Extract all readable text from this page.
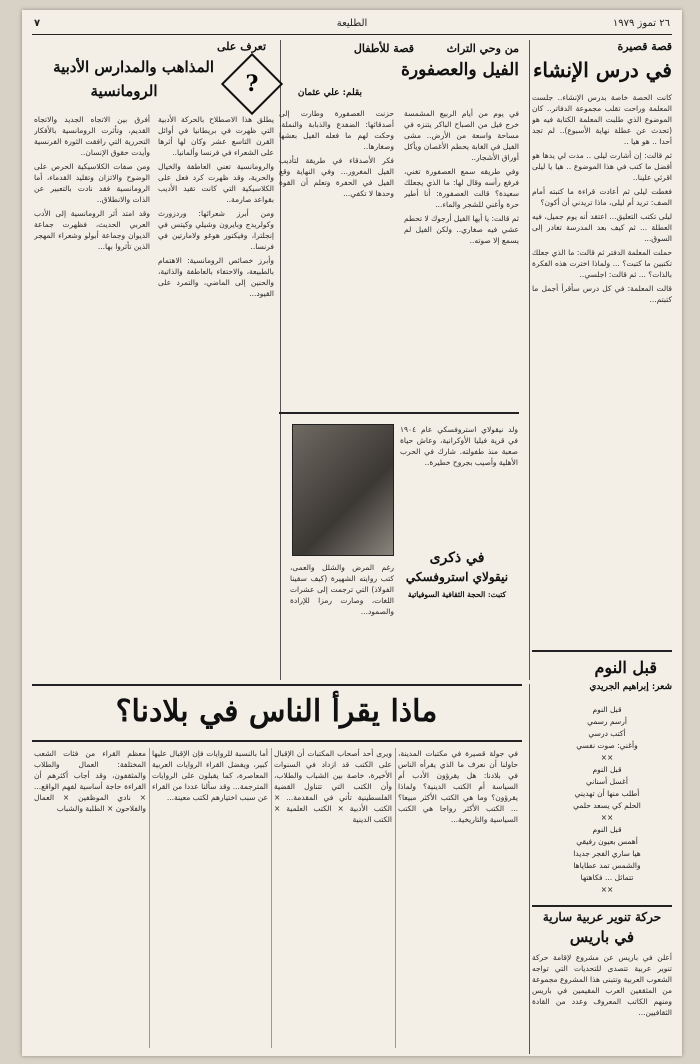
٧	الطليعة	٢٦ تموز ١٩٧٩
قصة قصيرة
في درس الإنشاء

كانت الحصة خاصة بدرس الإنشاء.. جلست المعلمة وراحت تقلب مجموعة الدفاتر.. كان الموضوع الذي طلبت المعلمة الكتابة فيه هو (تحدث عن عطلة نهاية الأسبوع).. لم تجد أحدا .. هو هيا ..

ثم قالت: إن أشارت ليلى .. مدت لي يدها هو أفضل ما كتب في هذا الموضوع .. هيا يا ليلى اقرئي علينا..

فغطت ليلى ثم أعادت قراءة ما كتبته أمام الصف: تريد أم ليلى، ماذا تريدني أن أكون؟

ليلى تكتب التعليق... اعتقد أنه يوم جميل، فيه العطلة ... ثم كيف بعد المدرسة تغادر إلى السوق...

حملت المعلمة الدفتر ثم قالت: ما الذي جعلك تكتبين ما كتبت؟ ... ولماذا اخترت هذه الفكرة بالذات؟ ... ثم قالت: اجلسي..

قالت المعلمة: في كل درس سأقرأ أجمل ما كتبتم...

قبل النوم
شعر: إبراهيم الجريدي
قبل النوم
أرسم رسمي
أكتب درسي
وأغني: صوت نفسي
××
قبل النوم
أغسل أسناني
أطلب منها أن تهديني
الحلم كي يسعد حلمي
××
قبل النوم
أهمس بعيون رفيقي
هيا ساري الفجر جديدا
والشمس تمد عطاياها
تتماثل ... فكاهتها
××
حركة تنوير عربية سارية
في باريس

أعلن في باريس عن مشروع لإقامة حركة تنوير عربية تتصدى للتحديات التي تواجه الشعوب العربية وتتبنى هذا المشروع مجموعة من المثقفين العرب المقيمين في باريس ومنهم الكاتب المعروف وعدد من القادة الثقافيين...

من وحي التراث
قصة للأطفال
الفيل والعصفورة
بقلم: علي عثمان

في يوم من أيام الربيع المشمسة خرج فيل من الصباح الباكر يتنزه في مساحة واسعة من الأرض.. مشى الفيل في الغابة يحطم الأغصان ويأكل أوراق الأشجار..

وفي طريقه سمع العصفورة تغني، فرفع رأسه وقال لها: ما الذي يجعلك سعيدة؟ قالت العصفورة: أنا أطير حرة وأغني للشجر والماء...

ثم قالت: يا أيها الفيل أرجوك لا تحطم عشي فيه صغاري.. ولكن الفيل لم يسمع إلا صوته..

حزنت العصفورة وطارت إلى أصدقائها: الضفدع والذبابة والنملة، وحكت لهم ما فعله الفيل بعشها وصغارها..

فكر الأصدقاء في طريقة لتأديب الفيل المغرور... وفي النهاية وقع الفيل في الحفرة وتعلم أن القوة وحدها لا تكفي...

في ذكرى
نيقولاي استروفسكي
كتبت: الحجة الثقافية السوفياتية

ولد نيقولاي استروفسكي عام ١٩٠٤ في قرية فيليا الأوكرانية، وعاش حياة صعبة منذ طفولته. شارك في الحرب الأهلية وأصيب بجروح خطيرة..

رغم المرض والشلل والعمى، كتب روايته الشهيرة (كيف سقينا الفولاذ) التي ترجمت إلى عشرات اللغات، وصارت رمزا للإرادة والصمود...

تعرف على
?
المذاهب والمدارس الأدبية
الرومانسية

يطلق هذا الاصطلاح بالحركة الأدبية التي ظهرت في بريطانيا في أوائل القرن التاسع عشر وكان لها أثرها على الشعراء في فرنسا وألمانيا..

والرومانسية تعني العاطفة والخيال والحرية، وقد ظهرت كرد فعل على الكلاسيكية التي كانت تقيد الأديب بقواعد صارمة..

ومن أبرز شعرائها: وردزورث وكولريدج وبايرون وشيلي وكيتس في إنجلترا، وفيكتور هوغو ولامارتين في فرنسا..

وأبرز خصائص الرومانسية: الاهتمام بالطبيعة، والاحتفاء بالعاطفة والذاتية، والحنين إلى الماضي، والتمرد على القيود...

أفرق بين الاتجاه الجديد والاتجاه القديم، وتأثرت الرومانسية بالأفكار التحررية التي رافقت الثورة الفرنسية وأيدت حقوق الإنسان..

ومن صفات الكلاسيكية الحرص على الوضوح والاتزان وتقليد القدماء، أما الرومانسية فقد نادت بالتعبير عن الذات والانطلاق..

وقد امتد أثر الرومانسية إلى الأدب العربي الحديث، فظهرت جماعة الديوان وجماعة أبولو وشعراء المهجر الذين تأثروا بها...

ماذا يقرأ الناس في بلادنا؟

في جولة قصيرة في مكتبات المدينة، حاولنا أن نعرف ما الذي يقرأه الناس في بلادنا: هل يقرؤون الأدب أم السياسة أم الكتب الدينية؟ ولماذا يقرؤون؟ وما هي الكتب الأكثر مبيعا؟ ... الكتب الأكثر رواجا هي الكتب السياسية والتاريخية...

ويرى أحد أصحاب المكتبات أن الإقبال على الكتب قد ازداد في السنوات الأخيرة، خاصة بين الشباب والطلاب، وأن الكتب التي تتناول القضية الفلسطينية تأتي في المقدمة... × الكتب الأدبية × الكتب العلمية × الكتب الدينية

أما بالنسبة للروايات فإن الإقبال عليها كبير، ويفضل القراء الروايات العربية المعاصرة، كما يقبلون على الروايات المترجمة... وقد سألنا عددا من القراء عن سبب اختيارهم لكتب معينة...

معظم القراء من فئات الشعب المختلفة: العمال والطلاب والمثقفون، وقد أجاب أكثرهم أن القراءة حاجة أساسية لفهم الواقع... × نادي الموظفين × العمال والفلاحون × الطلبة والشباب
